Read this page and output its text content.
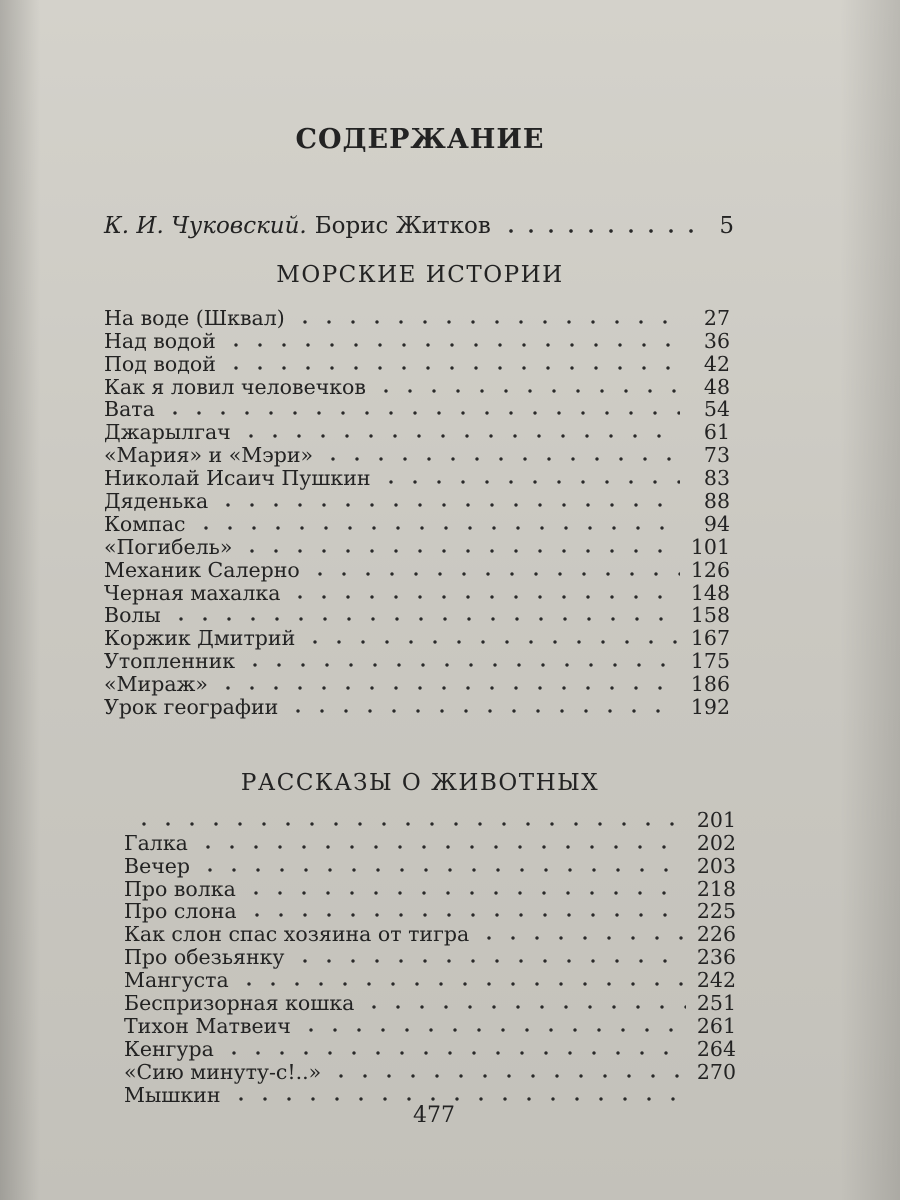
СОДЕРЖАНИЕ
К. И. Чуковский. Борис Житков	5
МОРСКИЕ ИСТОРИИ
На воде (Шквал)	27
Над водой	36
Под водой	42
Как я ловил человечков	48
Вата	54
Джарылгач	61
«Мария» и «Мэри»	73
Николай Исаич Пушкин	83
Дяденька	88
Компас	94
«Погибель»	101
Механик Салерно	126
Черная махалка	148
Волы	158
Коржик Дмитрий	167
Утопленник	175
«Мираж»	186
Урок географии	192
РАССКАЗЫ О ЖИВОТНЫХ
201
Галка	202
Вечер	203
Про волка	218
Про слона	225
Как слон спас хозяина от тигра	226
Про обезьянку	236
Мангуста	242
Беспризорная кошка	251
Тихон Матвеич	261
Кенгура	264
«Сию минуту-с!..»	270
Мышкин
477
